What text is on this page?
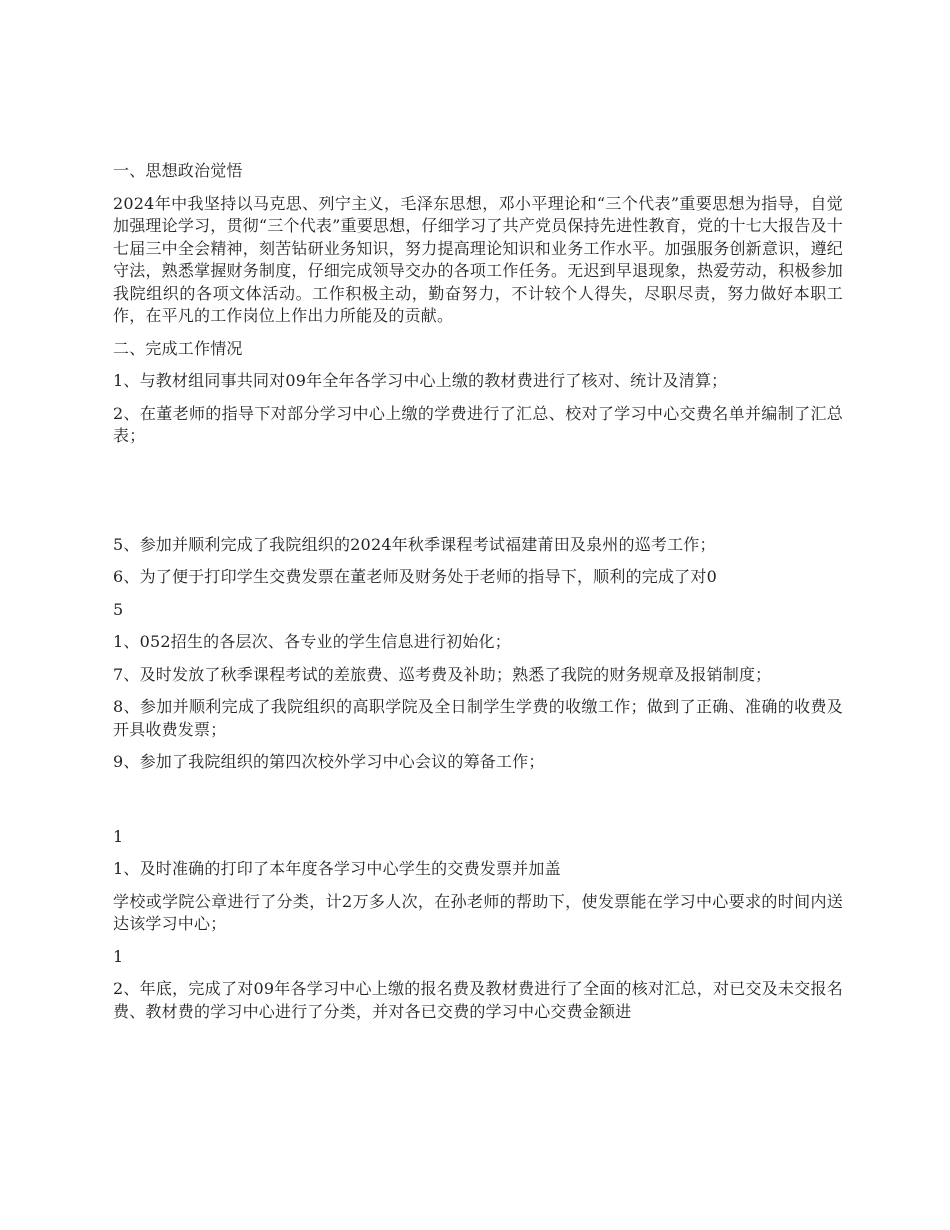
一、思想政治觉悟

2024年中我坚持以马克思、列宁主义，毛泽东思想，邓小平理论和“三个代表”重要思想为指导，自觉加强理论学习，贯彻“三个代表”重要思想，仔细学习了共产党员保持先进性教育，党的十七大报告及十七届三中全会精神，刻苦钻研业务知识，努力提高理论知识和业务工作水平。加强服务创新意识，遵纪守法，熟悉掌握财务制度，仔细完成领导交办的各项工作任务。无迟到早退现象，热爱劳动，积极参加我院组织的各项文体活动。工作积极主动，勤奋努力，不计较个人得失，尽职尽责，努力做好本职工作，在平凡的工作岗位上作出力所能及的贡献。

二、完成工作情况

1、与教材组同事共同对09年全年各学习中心上缴的教材费进行了核对、统计及清算；

2、在董老师的指导下对部分学习中心上缴的学费进行了汇总、校对了学习中心交费名单并编制了汇总表；

5、参加并顺利完成了我院组织的2024年秋季课程考试福建莆田及泉州的巡考工作；

6、为了便于打印学生交费发票在董老师及财务处于老师的指导下，顺利的完成了对0

5

1、052招生的各层次、各专业的学生信息进行初始化；

7、及时发放了秋季课程考试的差旅费、巡考费及补助；熟悉了我院的财务规章及报销制度；

8、参加并顺利完成了我院组织的高职学院及全日制学生学费的收缴工作；做到了正确、准确的收费及开具收费发票；

9、参加了我院组织的第四次校外学习中心会议的筹备工作；

1

1、及时准确的打印了本年度各学习中心学生的交费发票并加盖

学校或学院公章进行了分类，计2万多人次，在孙老师的帮助下，使发票能在学习中心要求的时间内送达该学习中心；

1

2、年底，完成了对09年各学习中心上缴的报名费及教材费进行了全面的核对汇总，对已交及未交报名费、教材费的学习中心进行了分类，并对各已交费的学习中心交费金额进
